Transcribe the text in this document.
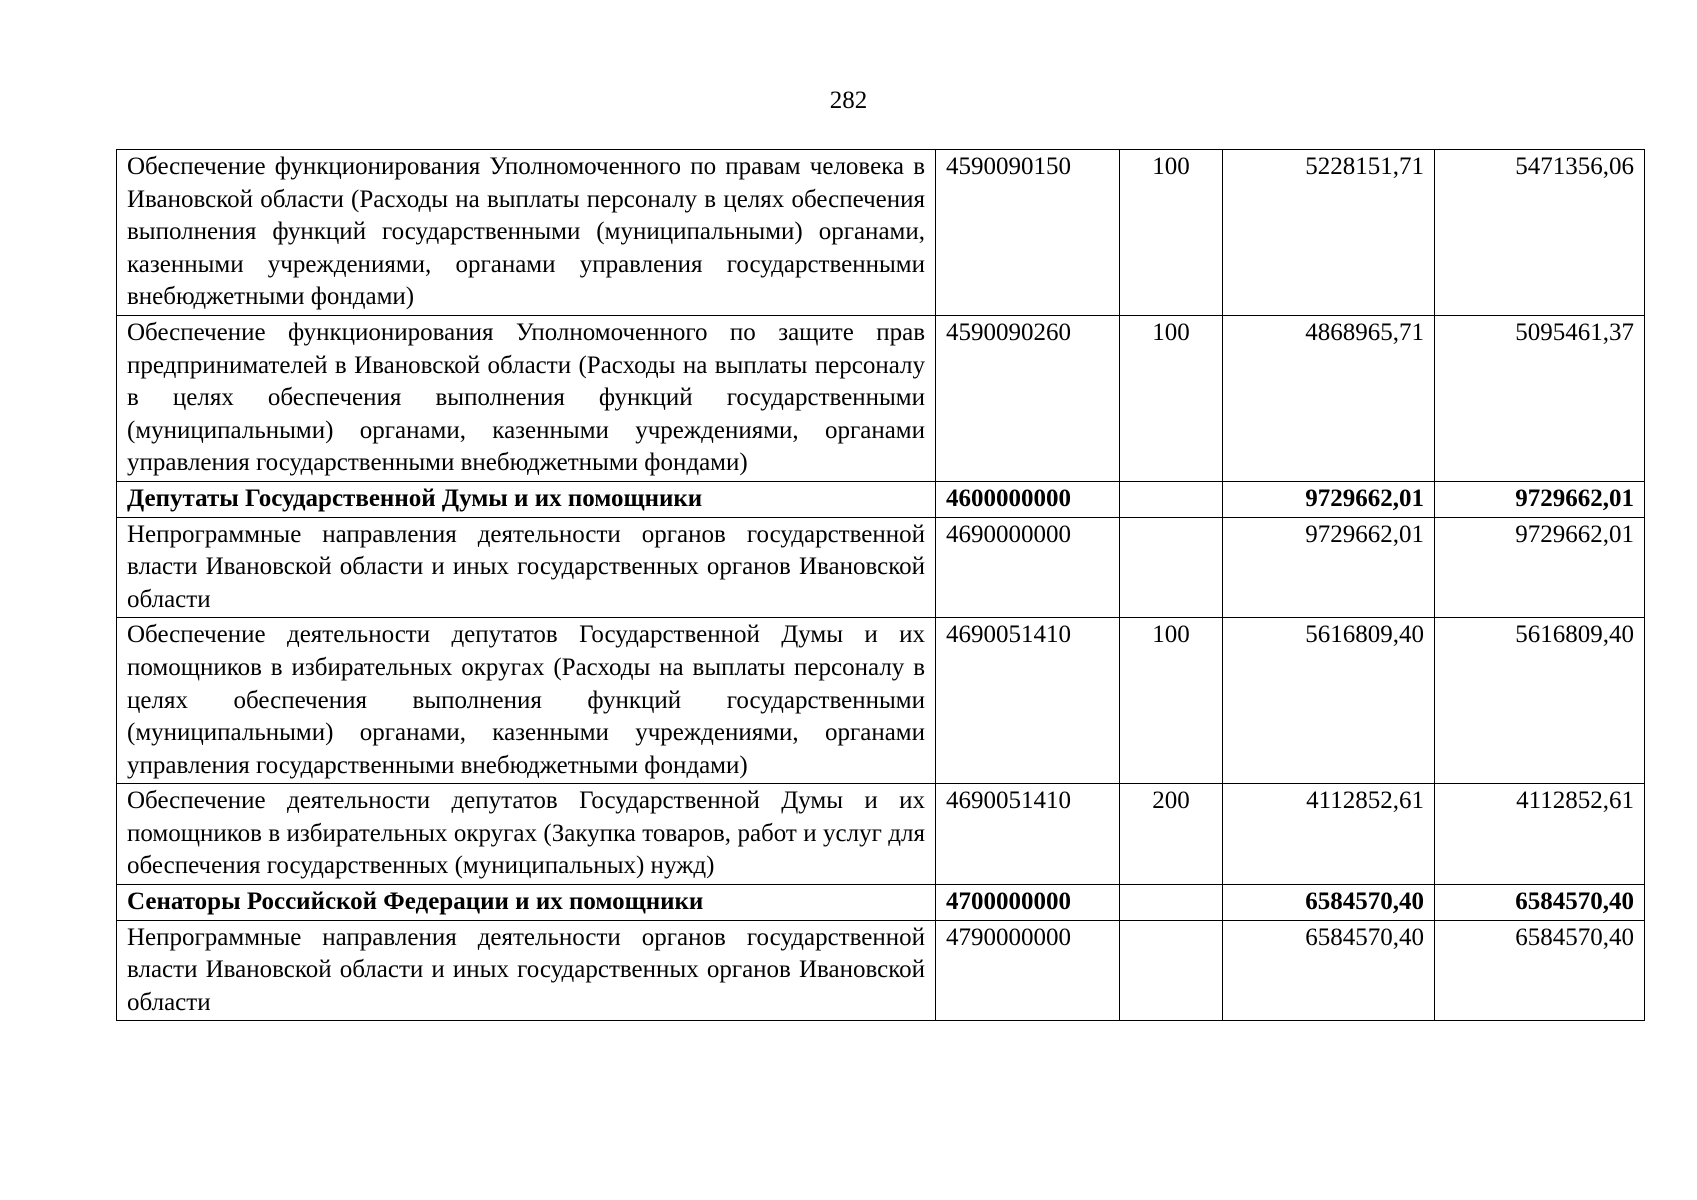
282
Обеспечение функционирования Уполномоченного по правам человека в Ивановской области (Расходы на выплаты персоналу в целях обеспечения выполнения функций государственными (муниципальными) органами, казенными учреждениями, органами управления государственными внебюджетными фондами)	4590090150	100	5228151,71	5471356,06
Обеспечение функционирования Уполномоченного по защите прав предпринимателей в Ивановской области (Расходы на выплаты персоналу в целях обеспечения выполнения функций государственными (муниципальными) органами, казенными учреждениями, органами управления государственными внебюджетными фондами)	4590090260	100	4868965,71	5095461,37
Депутаты Государственной Думы и их помощники	4600000000		9729662,01	9729662,01
Непрограммные направления деятельности органов государственной власти Ивановской области и иных государственных органов Ивановской области	4690000000		9729662,01	9729662,01
Обеспечение деятельности депутатов Государственной Думы и их помощников в избирательных округах (Расходы на выплаты персоналу в целях обеспечения выполнения функций государственными (муниципальными) органами, казенными учреждениями, органами управления государственными внебюджетными фондами)	4690051410	100	5616809,40	5616809,40
Обеспечение деятельности депутатов Государственной Думы и их помощников в избирательных округах (Закупка товаров, работ и услуг для обеспечения государственных (муниципальных) нужд)	4690051410	200	4112852,61	4112852,61
Сенаторы Российской Федерации и их помощники	4700000000		6584570,40	6584570,40
Непрограммные направления деятельности органов государственной власти Ивановской области и иных государственных органов Ивановской области	4790000000		6584570,40	6584570,40
